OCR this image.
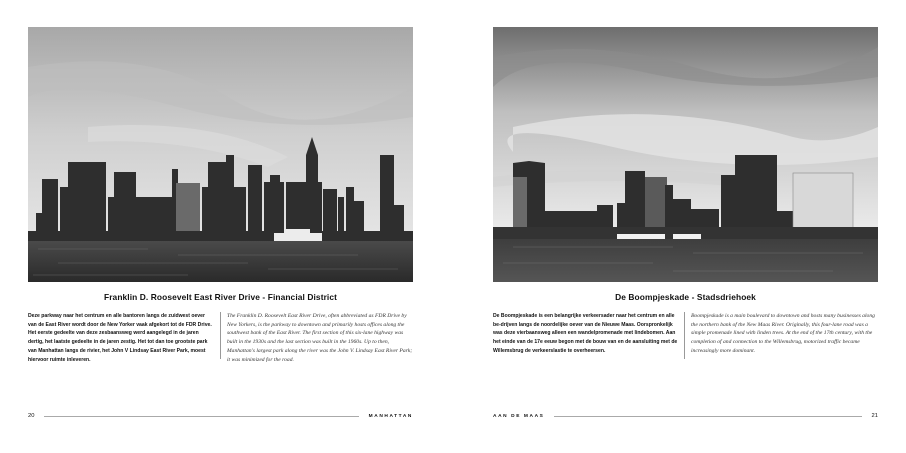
Franklin D. Roosevelt East River Drive - Financial District
Deze parkway naar het centrum en alle bantoren langs de zuidwest oever van de East River wordt door de New Yorker vaak afgekort tot de FDR Drive. Het eerste gedeelte van deze zesbaansweg werd aangelegd in de jaren dertig, het laatste gedeelte in de jaren zestig. Het tot dan toe grootste park van Manhattan langs de rivier, het John V Lindsay East River Park, moest hiervoor ruimte inleveren.
The Franklin D. Roosevelt East River Drive, often abbreviated as FDR Drive by New Yorkers, is the parkway to downtown and primarily hosts offices along the southwest bank of the East River. The first section of this six-lane highway was built in the 1930s and the last section was built in the 1960s. Up to then, Manhattan's largest park along the river was the John V. Lindsay East River Park; it was minimized for the road.
20	MANHATTAN
De Boompjeskade - Stadsdriehoek
De Boompjeskade is een belangrijke verkeersader naar het centrum en alle be-drijven langs de noordelijke oever van de Nieuwe Maas. Oorspronkelijk was deze vierbaansweg alleen een wandelpromenade met lindebomen. Aan het einde van de 17e eeuw begon met de bouw van en de aansluiting met de Willemsbrug de verkeerslastie te overheersen.
Boompjeskade is a main boulevard to downtown and hosts many businesses along the northern bank of the New Maas River. Originally, this four-lane road was a simple promenade lined with linden trees. At the end of the 17th century, with the completion of and connection to the Willemsbrug, motorized traffic became increasingly more dominant.
AAN DE MAAS	21
